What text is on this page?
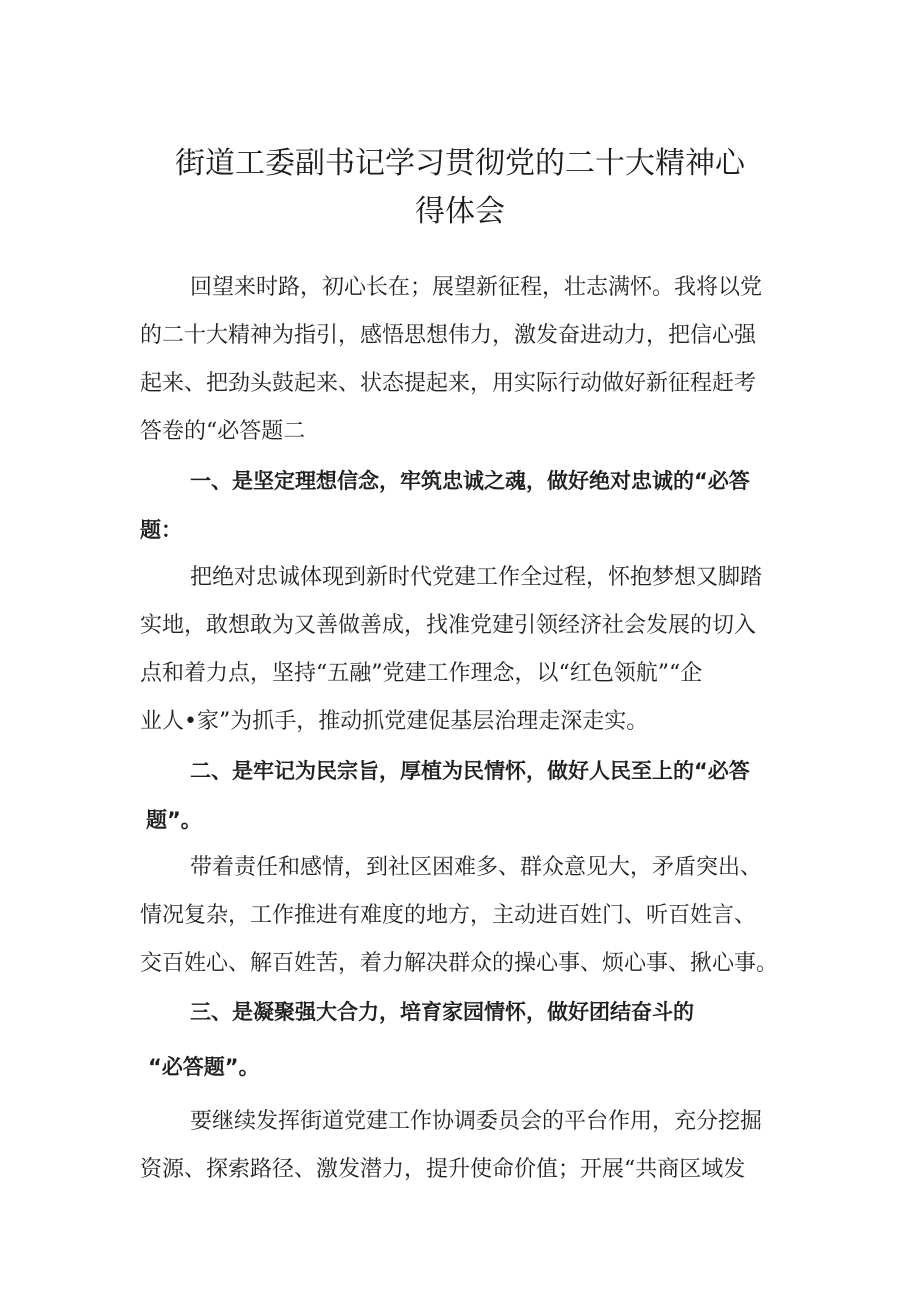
街道工委副书记学习贯彻党的二十大精神心
得体会
回望来时路，初心长在；展望新征程，壮志满怀。我将以党
的二十大精神为指引，感悟思想伟力，激发奋进动力，把信心强
起来、把劲头鼓起来、状态提起来，用实际行动做好新征程赶考
答卷的“必答题二
一、是坚定理想信念，牢筑忠诚之魂，做好绝对忠诚的“必答
题：
把绝对忠诚体现到新时代党建工作全过程，怀抱梦想又脚踏
实地，敢想敢为又善做善成，找准党建引领经济社会发展的切入
点和着力点，坚持“五融”党建工作理念，以“红色领航”“企
业人•家”为抓手，推动抓党建促基层治理走深走实。
二、是牢记为民宗旨，厚植为民情怀，做好人民至上的“必答
题”。
带着责任和感情，到社区困难多、群众意见大，矛盾突出、
情况复杂，工作推进有难度的地方，主动进百姓门、听百姓言、
交百姓心、解百姓苦，着力解决群众的操心事、烦心事、揪心事。
三、是凝聚强大合力，培育家园情怀，做好团结奋斗的
“必答题”。
要继续发挥街道党建工作协调委员会的平台作用，充分挖掘
资源、探索路径、激发潜力，提升使命价值；开展“共商区域发
